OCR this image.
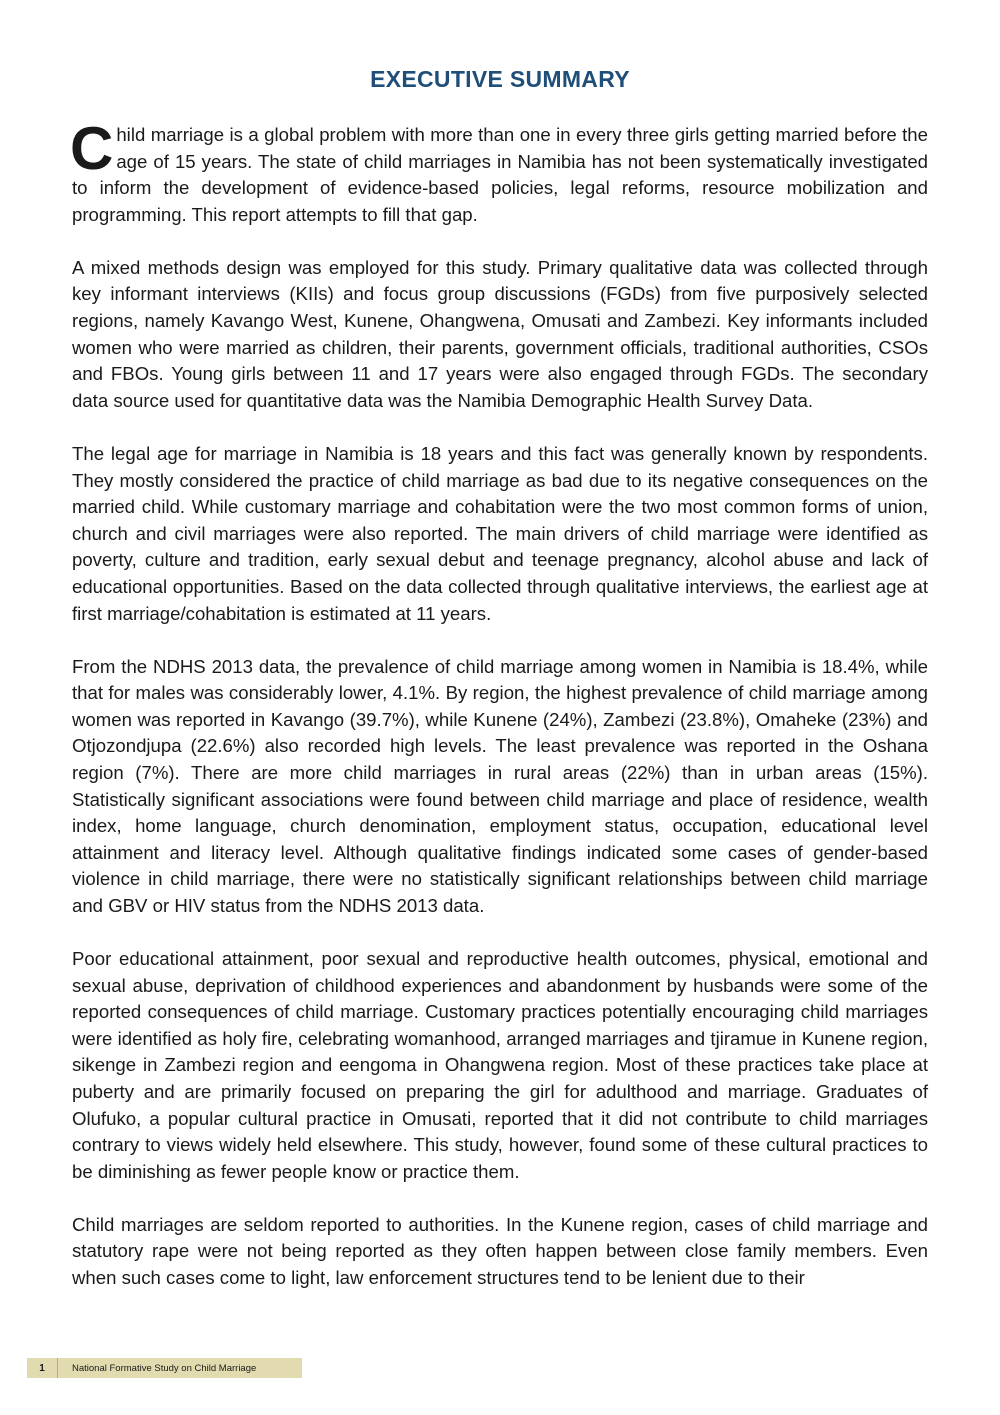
EXECUTIVE SUMMARY

Child marriage is a global problem with more than one in every three girls getting married before the age of 15 years. The state of child marriages in Namibia has not been systematically investigated to inform the development of evidence-based policies, legal reforms, resource mobilization and programming. This report attempts to fill that gap.

A mixed methods design was employed for this study. Primary qualitative data was collected through key informant interviews (KIIs) and focus group discussions (FGDs) from five purposively selected regions, namely Kavango West, Kunene, Ohangwena, Omusati and Zambezi. Key informants included women who were married as children, their parents, government officials, traditional authorities, CSOs and FBOs. Young girls between 11 and 17 years were also engaged through FGDs. The secondary data source used for quantitative data was the Namibia Demographic Health Survey Data.

The legal age for marriage in Namibia is 18 years and this fact was generally known by respondents. They mostly considered the practice of child marriage as bad due to its negative consequences on the married child. While customary marriage and cohabitation were the two most common forms of union, church and civil marriages were also reported. The main drivers of child marriage were identified as poverty, culture and tradition, early sexual debut and teenage pregnancy, alcohol abuse and lack of educational opportunities. Based on the data collected through qualitative interviews, the earliest age at first marriage/cohabitation is estimated at 11 years.

From the NDHS 2013 data, the prevalence of child marriage among women in Namibia is 18.4%, while that for males was considerably lower, 4.1%. By region, the highest prevalence of child marriage among women was reported in Kavango (39.7%), while Kunene (24%), Zambezi (23.8%), Omaheke (23%) and Otjozondjupa (22.6%) also recorded high levels. The least prevalence was reported in the Oshana region (7%). There are more child marriages in rural areas (22%) than in urban areas (15%). Statistically significant associations were found between child marriage and place of residence, wealth index, home language, church denomination, employment status, occupation, educational level attainment and literacy level. Although qualitative findings indicated some cases of gender-based violence in child marriage, there were no statistically significant relationships between child marriage and GBV or HIV status from the NDHS 2013 data.

Poor educational attainment, poor sexual and reproductive health outcomes, physical, emotional and sexual abuse, deprivation of childhood experiences and abandonment by husbands were some of the reported consequences of child marriage. Customary practices potentially encouraging child marriages were identified as holy fire, celebrating womanhood, arranged marriages and tjiramue in Kunene region, sikenge in Zambezi region and eengoma in Ohangwena region. Most of these practices take place at puberty and are primarily focused on preparing the girl for adulthood and marriage. Graduates of Olufuko, a popular cultural practice in Omusati, reported that it did not contribute to child marriages contrary to views widely held elsewhere. This study, however, found some of these cultural practices to be diminishing as fewer people know or practice them.

Child marriages are seldom reported to authorities. In the Kunene region, cases of child marriage and statutory rape were not being reported as they often happen between close family members. Even when such cases come to light, law enforcement structures tend to be lenient due to their

1	National Formative Study on Child Marriage
